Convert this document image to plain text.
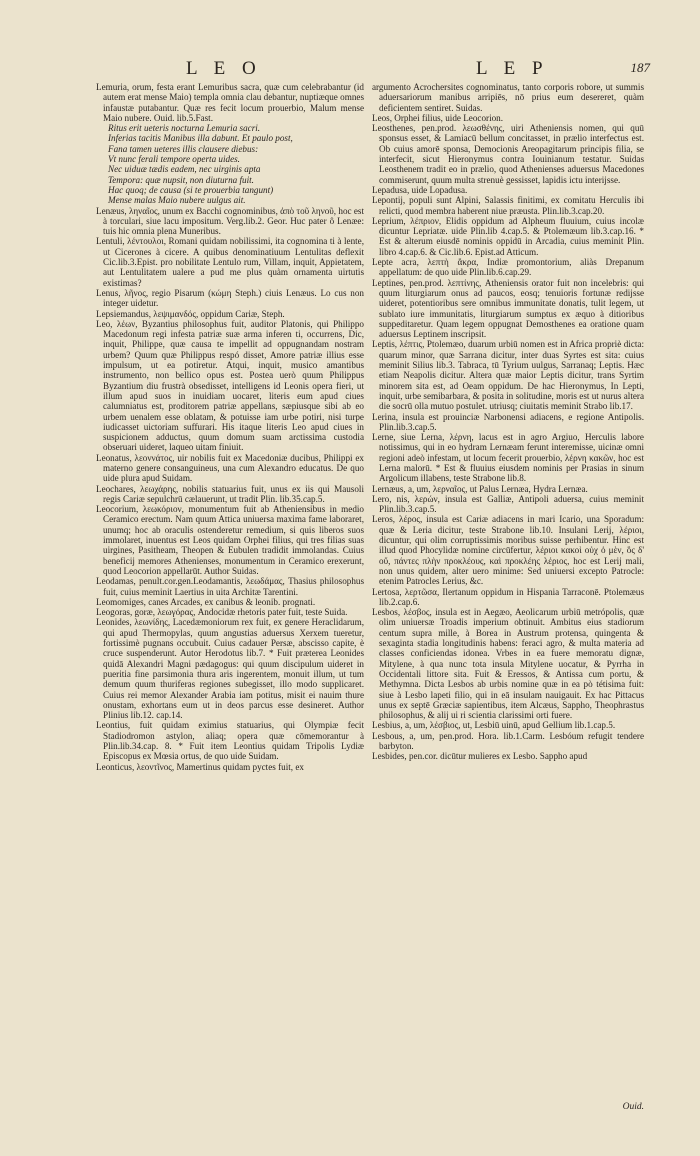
L E O	L E P	187
Lemuria, orum, festa erant Lemuribus sacra, quæ cum celebrabantur (id autem erat mense Maio) templa omnia clau debantur, nuptiæque omnes infaustæ putabantur. Quæ res fecit locum prouerbio, Malum mense Maio nubere. Ouid. lib.5.Fast.
Ritus erit ueteris nocturna Lemuria sacri.
Inferias tacitis Manibus illa dabunt. Et paulo post,
Fana tamen ueteres illis clausere diebus:
Vt nunc ferali tempore operta uides.
Nec uiduæ tædis eadem, nec uirginis apta
Tempora: quæ nupsit, non diuturna fuit.
Hac quoq; de causa (si te prouerbia tangunt)
Mense malas Maio nubere uulgus ait.
Lenæus, ληναῖος, unum ex Bacchi cognominibus, ἀπὸ τοῦ ληνοῦ, hoc est à torculari, siue lacu impositum. Verg.lib.2. Geor. Huc pater ô Lenæe: tuis hic omnia plena Muneribus.
Lentuli, λέντουλοι, Romani quidam nobilissimi, ita cognomina ti à lente, ut Cicerones à cicere. A quibus denominatiuum Lentulitas deflexit Cic.lib.3.Epist. pro nobilitate Lentulo rum, Villam, inquit, Appietatem, aut Lentulitatem ualere a pud me plus quàm ornamenta uirtutis existimas?
Lenus, λῆνος, regio Pisarum (κώμη Steph.) ciuis Lenæus. Lo cus non integer uidetur.
Lepsiemandus, λεψιμανδός, oppidum Cariæ, Steph.
Leo, λέων, Byzantius philosophus fuit, auditor Platonis, qui Philippo Macedonum regi infesta patriæ suæ arma inferen ti, occurrens, Dic, inquit, Philippe, quæ causa te impellit ad oppugnandam nostram urbem? Quum quæ Philippus respó disset, Amore patriæ illius esse impulsum, ut ea potiretur. Atqui, inquit, musico amantibus instrumento, non bellico opus est. Postea uerò quum Philippus Byzantium diu frustrà obsedisset, intelligens id Leonis opera fieri, ut illum apud suos in inuidiam uocaret, literis eum apud ciues calumniatus est, proditorem patriæ appellans, sæpiusque sibi ab eo urbem uenalem esse oblatam, & potuisse iam urbe potiri, nisi turpe iudicasset uictoriam suffurari. His itaque literis Leo apud ciues in suspicionem adductus, quum domum suam arctissima custodia obseruari uideret, laqueo uitam finiuit.
Leonatus, λεοννάτος, uir nobilis fuit ex Macedoniæ ducibus, Philippi ex materno genere consanguineus, una cum Alexandro educatus. De quo uide plura apud Suidam.
Leochares, λεωχάρης, nobilis statuarius fuit, unus ex iis qui Mausoli regis Cariæ sepulchrū cælauerunt, ut tradit Plin. lib.35.cap.5.
Leocorium, λεωκόριον, monumentum fuit ab Atheniensibus in medio Ceramico erectum. Nam quum Attica uniuersa maxima fame laboraret, unumq; hoc ab oraculis ostenderetur remedium, si quis liberos suos immolaret, inuentus est Leos quidam Orphei filius, qui tres filias suas uirgines, Pasitheam, Theopen & Eubulen tradidit immolandas. Cuius beneficij memores Athenienses, monumentum in Ceramico erexerunt, quod Leocorion appellarūt. Author Suidas.
Leodamas, penult.cor.gen.Leodamantis, λεωδάμας, Thasius philosophus fuit, cuius meminit Laertius in uita Architæ Tarentini.
Leomomiges, canes Arcades, ex canibus & leonib. prognati.
Leogoras, goræ, λεωγόρας, Andocidæ rhetoris pater fuit, teste Suida.
Leonides, λεωνίδης, Lacedæmoniorum rex fuit, ex genere Heraclidarum, qui apud Thermopylas, quum angustias aduersus Xerxem tueretur, fortissimè pugnans occubuit. Cuius cadauer Persæ, abscisso capite, è cruce suspenderunt. Autor Herodotus lib.7. * Fuit præterea Leonides quidā Alexandri Magni pædagogus: qui quum discipulum uideret in pueritia fine parsimonia thura aris ingerentem, monuit illum, ut tum demum quum thuriferas regiones subegisset, illo modo supplicaret. Cuius rei memor Alexander Arabia iam potitus, misit ei nauim thure onustam, exhortans eum ut in deos parcus esse desineret. Author Plinius lib.12. cap.14.
Leontius, fuit quidam eximius statuarius, qui Olympiæ fecit Stadiodromon astylon, aliaq; opera quæ cōmemorantur à Plin.lib.34.cap. 8. * Fuit item Leontius quidam Tripolis Lydiæ Episcopus ex Mœsia ortus, de quo uide Suidam.
Leonticus, λεοντῖνος, Mamertinus quidam pyctes fuit, ex
argumento Acrochersites cognominatus, tanto corporis robore, ut summis aduersariorum manibus arripiēs, nō prius eum desereret, quàm deficientem sentiret. Suidas.
Leos, Orphei filius, uide Leocorion.
Leosthenes, pen.prod. λεωσθένης, uiri Atheniensis nomen, qui quū sponsus esset, & Lamiacū bellum concitasset, in prælio interfectus est. Ob cuius amorē sponsa, Democionis Areopagitarum principis filia, se interfecit, sicut Hieronymus contra Iouinianum testatur. Suidas Leosthenem tradit eo in prælio, quod Athenienses aduersus Macedones commiserunt, quum multa strenuè gessisset, lapidis ictu interijsse.
Lepadusa, uide Lopadusa.
Lepontij, populi sunt Alpini, Salassis finitimi, ex comitatu Herculis ibi relicti, quod membra haberent niue præusta. Plin.lib.3.cap.20.
Leprium, λέπριον, Elidis oppidum ad Alpheum fluuium, cuius incolæ dicuntur Lepriatæ. uide Plin.lib 4.cap.5. & Ptolemæum lib.3.cap.16. * Est & alterum eiusdē nominis oppidū in Arcadia, cuius meminit Plin. libro 4.cap.6. & Cic.lib.6. Epist.ad Atticum.
Lepte acra, λεπτὴ ἄκρα, Indiæ promontorium, aliàs Drepanum appellatum: de quo uide Plin.lib.6.cap.29.
Leptines, pen.prod. λεπτίνης, Atheniensis orator fuit non incelebris: qui quum liturgiarum onus ad paucos, eosq; tenuioris fortunæ redijsse uideret, potentioribus sere omnibus immunitate donatis, tulit legem, ut sublato iure immunitatis, liturgiarum sumptus ex æquo à ditioribus suppeditaretur. Quam legem oppugnat Demosthenes ea oratione quam aduersus Leptinem inscripsit.
Leptis, λέπτις, Ptolemæo, duarum urbiū nomen est in Africa propriè dicta: quarum minor, quæ Sarrana dicitur, inter duas Syrtes est sita: cuius meminit Silius lib.3. Tabraca, tū Tyrium uulgus, Sarranaq; Leptis. Hæc etiam Neapolis dicitur. Altera quæ maior Leptis dicitur, trans Syrtim minorem sita est, ad Oeam oppidum. De hac Hieronymus, In Lepti, inquit, urbe semibarbara, & posita in solitudine, moris est ut nurus altera die socrū olla mutuo postulet. utriusq; ciuitatis meminit Strabo lib.17.
Lerina, insula est prouinciæ Narbonensi adiacens, e regione Antipolis. Plin.lib.3.cap.5.
Lerne, siue Lerna, λέρνη, lacus est in agro Argiuo, Herculis labore notissimus, qui in eo hydram Lernæam ferunt interemisse, uicinæ omni regioni adeò infestam, ut locum fecerit prouerbio, λέρνη κακῶν, hoc est Lerna malorū. * Est & fluuius eiusdem nominis per Prasias in sinum Argolicum illabens, teste Strabone lib.8.
Lernæus, a, um, λερναῖος, ut Palus Lernæa, Hydra Lernæa.
Lero, nis, λερών, insula est Galliæ, Antipoli aduersa, cuius meminit Plin.lib.3.cap.5.
Leros, λέρος, insula est Cariæ adiacens in mari Icario, una Sporadum: quæ & Leria dicitur, teste Strabone lib.10. Insulani Lerij, λέριοι, dicuntur, qui olim corruptissimis moribus suisse perhibentur. Hinc est illud quod Phocylidæ nomine circūfertur, λέριοι κακοὶ οὐχ ὁ μὲν, ὃς δ' οὔ, πάντες πλὴν προκλέους, καὶ προκλέης λέριος, hoc est Lerij mali, non unus quidem, alter uero minime: Sed uniuersi excepto Patrocle: etenim Patrocles Lerius, &c.
Lertosa, λερτῶσα, Ilertanum oppidum in Hispania Tarraconē. Ptolemæus lib.2.cap.6.
Lesbos, λέσβος, insula est in Aegæo, Aeolicarum urbiū metrópolis, quæ olim uniuersæ Troadis imperium obtinuit. Ambitus eius stadiorum centum supra mille, à Borea in Austrum protensa, quingenta & sexaginta stadia longitudinis habens: feraci agro, & multa materia ad classes conficiendas idonea. Vrbes in ea fuere memoratu dignæ, Mitylene, à qua nunc tota insula Mitylene uocatur, & Pyrrha in Occidentali littore sita. Fuit & Eressos, & Antissa cum portu, & Methymna. Dicta Lesbos ab urbis nomine quæ in ea pò tétisima fuit: siue à Lesbo lapeti filio, qui in eā insulam nauigauit. Ex hac Pittacus unus ex septē Græciæ sapientibus, item Alcæus, Sappho, Theophrastus philosophus, & alij ui ri scientia clarissimi orti fuere.
Lesbius, a, um, λέσβιος, ut, Lesbiū uinū, apud Gellium lib.1.cap.5.
Lesbous, a, um, pen.prod. Hora. lib.1.Carm. Lesbóum refugit tendere barbyton.
Lesbides, pen.cor. dicūtur mulieres ex Lesbo. Sappho apud
Ouid.
